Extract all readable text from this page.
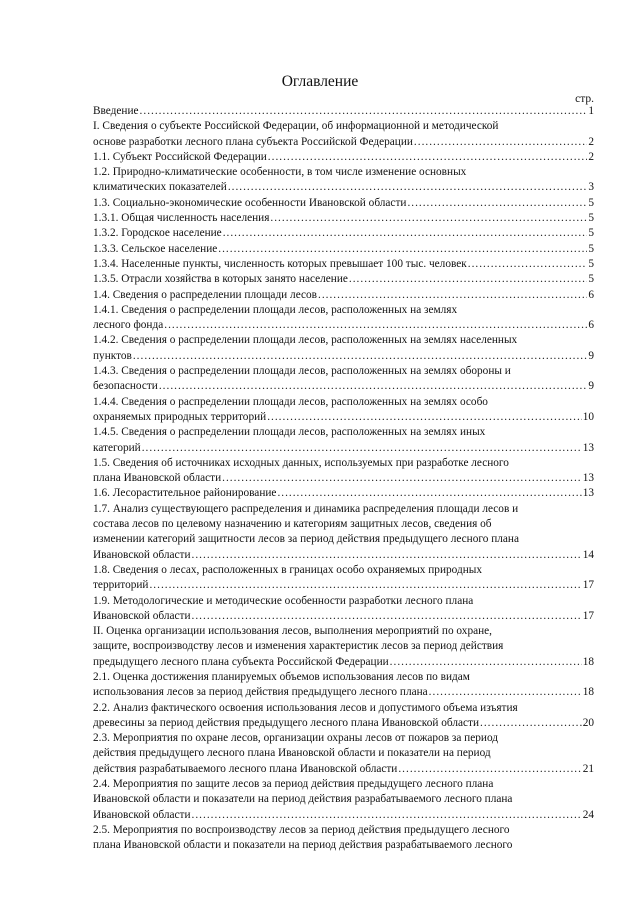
Оглавление
стр.
Введение .....	1
I. Сведения о субъекте Российской Федерации, об информационной и методической
основе разработки лесного плана субъекта Российской Федерации .....	2
1.1. Субъект Российской Федерации .....	2
1.2. Природно-климатические особенности, в том числе изменение основных
климатических показателей .....	3
1.3. Социально-экономические особенности Ивановской области .....	5
1.3.1. Общая численность населения .....	5
1.3.2. Городское население .....	5
1.3.3. Сельское население .....	5
1.3.4. Населенные пункты, численность которых превышает 100 тыс. человек .....	5
1.3.5. Отрасли хозяйства в которых занято население .....	5
1.4. Сведения о распределении площади лесов .....	6
1.4.1. Сведения о распределении площади лесов, расположенных на землях
лесного фонда .....	6
1.4.2. Сведения о распределении площади лесов, расположенных на землях населенных
пунктов .....	9
1.4.3. Сведения о распределении площади лесов, расположенных на землях обороны и
безопасности .....	9
1.4.4. Сведения о распределении площади лесов, расположенных на землях особо
охраняемых природных территорий .....	10
1.4.5. Сведения о распределении площади лесов, расположенных на землях иных
категорий .....	13
1.5. Сведения об источниках исходных данных, используемых при разработке лесного
плана Ивановской области .....	13
1.6. Лесорастительное районирование .....	13
1.7. Анализ существующего распределения и динамика распределения площади лесов и
состава лесов по целевому назначению и категориям защитных лесов, сведения об
изменении категорий защитности лесов за период действия предыдущего лесного плана
Ивановской области .....	14
1.8. Сведения о лесах, расположенных в границах особо охраняемых природных
территорий .....	17
1.9. Методологические и методические особенности разработки лесного плана
Ивановской области .....	17
II. Оценка организации использования лесов, выполнения мероприятий по охране,
защите, воспроизводству лесов и изменения характеристик лесов за период действия
предыдущего лесного плана субъекта Российской Федерации .....	18
2.1. Оценка достижения планируемых объемов использования лесов по видам
использования лесов за период действия предыдущего лесного плана .....	18
2.2. Анализ фактического освоения использования лесов и допустимого объема изъятия
древесины за период действия предыдущего лесного плана Ивановской области .....	20
2.3. Мероприятия по охране лесов, организации охраны лесов от пожаров за период
действия предыдущего лесного плана Ивановской области и показатели на период
действия разрабатываемого лесного плана Ивановской области .....	21
2.4. Мероприятия по защите лесов за период действия предыдущего лесного плана
Ивановской области и показатели на период действия разрабатываемого лесного плана
Ивановской области .....	24
2.5. Мероприятия по воспроизводству лесов за период действия предыдущего лесного
плана Ивановской области и показатели на период действия разрабатываемого лесного
